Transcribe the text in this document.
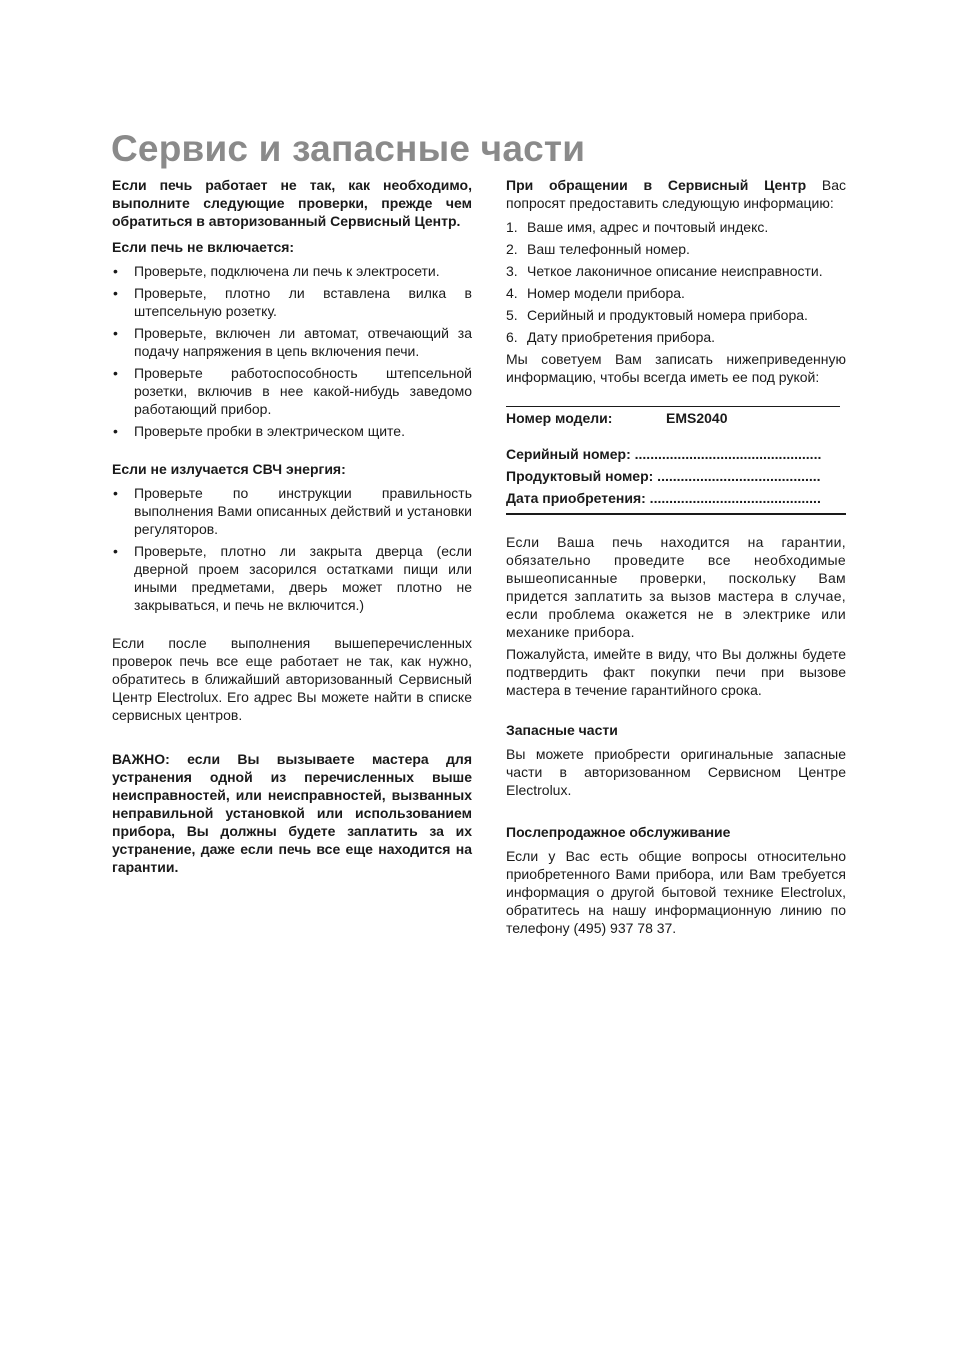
Сервис и запасные части

Если печь работает не так, как необходимо, выполните следующие проверки, прежде чем обратиться в авторизованный Сервисный Центр.

Если печь не включается:

• Проверьте, подключена ли печь к электросети.
• Проверьте, плотно ли вставлена вилка в штепсельную розетку.
• Проверьте, включен ли автомат, отвечающий за подачу напряжения в цепь включения печи.
• Проверьте работоспособность штепсельной розетки, включив в нее какой-нибудь заведомо работающий прибор.
• Проверьте пробки в электрическом щите.

Если не излучается СВЧ энергия:

• Проверьте по инструкции правильность выполнения Вами описанных действий и установки регуляторов.
• Проверьте, плотно ли закрыта дверца (если дверной проем засорился остатками пищи или иными предметами, дверь может плотно не закрываться, и печь не включится.)

Если после выполнения вышеперечисленных проверок печь все еще работает не так, как нужно, обратитесь в ближайший авторизованный Сервисный Центр Electrolux. Его адрес Вы можете найти в списке сервисных центров.

ВАЖНО: если Вы вызываете мастера для устранения одной из перечисленных выше неисправностей, или неисправностей, вызванных неправильной установкой или использованием прибора, Вы должны будете заплатить за их устранение, даже если печь все еще находится на гарантии.

При обращении в Сервисный Центр Вас попросят предоставить следующую информацию:

1. Ваше имя, адрес и почтовый индекс.
2. Ваш телефонный номер.
3. Четкое лаконичное описание неисправности.
4. Номер модели прибора.
5. Серийный и продуктовый номера прибора.
6. Дату приобретения прибора.

Мы советуем Вам записать нижеприведенную информацию, чтобы всегда иметь ее под рукой:

Номер модели:	EMS2040
Серийный номер: ................................................
Продуктовый номер: ..........................................
Дата приобретения: ............................................

Если Ваша печь находится на гарантии, обязательно проведите все необходимые вышеописанные проверки, поскольку Вам придется заплатить за вызов мастера в случае, если проблема окажется не в электрике или механике прибора.

Пожалуйста, имейте в виду, что Вы должны будете подтвердить факт покупки печи при вызове мастера в течение гарантийного срока.

Запасные части

Вы можете приобрести оригинальные запасные части в авторизованном Сервисном Центре Electrolux.

Послепродажное обслуживание

Если у Вас есть общие вопросы относительно приобретенного Вами прибора, или Вам требуется информация о другой бытовой технике Electrolux, обратитесь на нашу информационную линию по телефону (495) 937 78 37.
